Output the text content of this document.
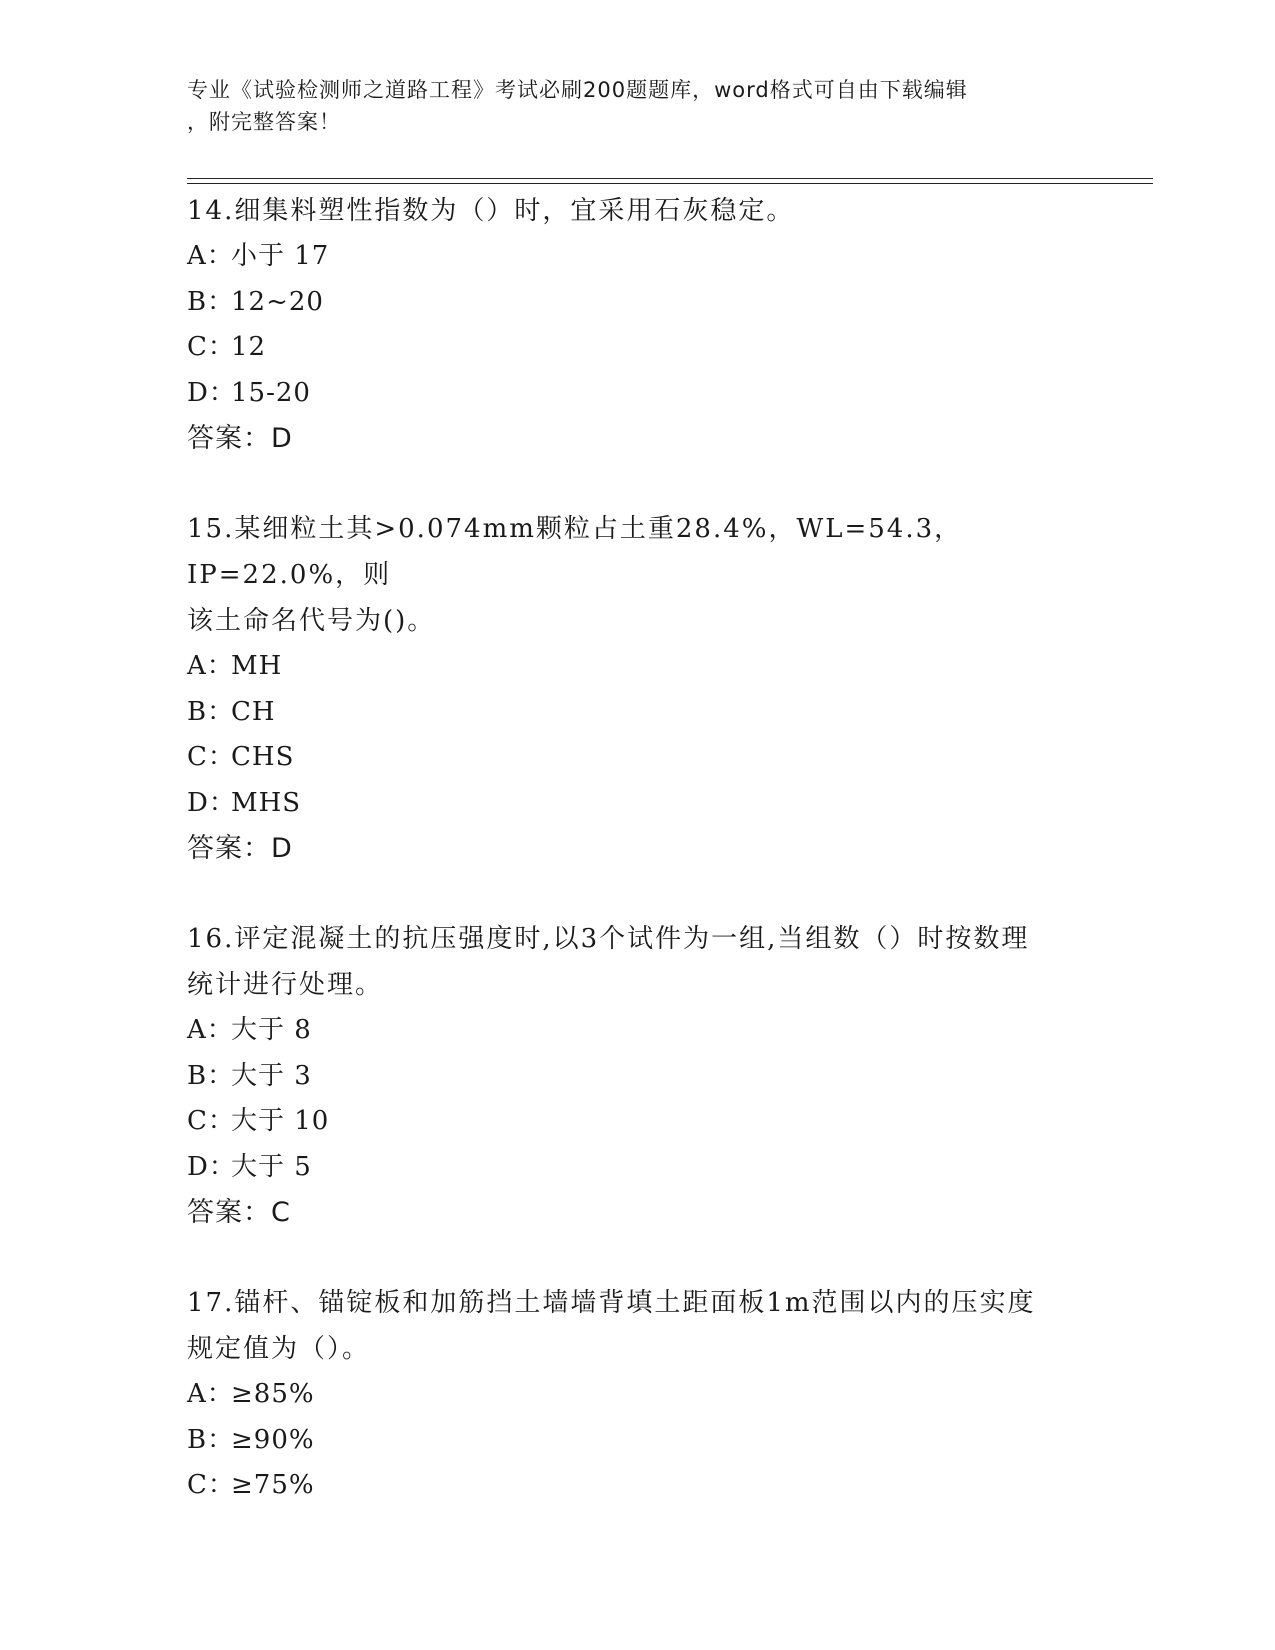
专业《试验检测师之道路工程》考试必刷200题题库，word格式可自由下载编辑
，附完整答案！
14.细集料塑性指数为（）时，宜采用石灰稳定。
A：小于 17
B：12~20
C：12
D：15-20
答案：D
15.某细粒土其>0.074mm颗粒占土重28.4%，WL=54.3，IP=22.0%，则
该土命名代号为()。
A：MH
B：CH
C：CHS
D：MHS
答案：D
16.评定混凝土的抗压强度时,以3个试件为一组,当组数（）时按数理
统计进行处理。
A：大于 8
B：大于 3
C：大于 10
D：大于 5
答案：C
17.锚杆、锚锭板和加筋挡土墙墙背填土距面板1m范围以内的压实度
规定值为（）。
A：≥85%
B：≥90%
C：≥75%
